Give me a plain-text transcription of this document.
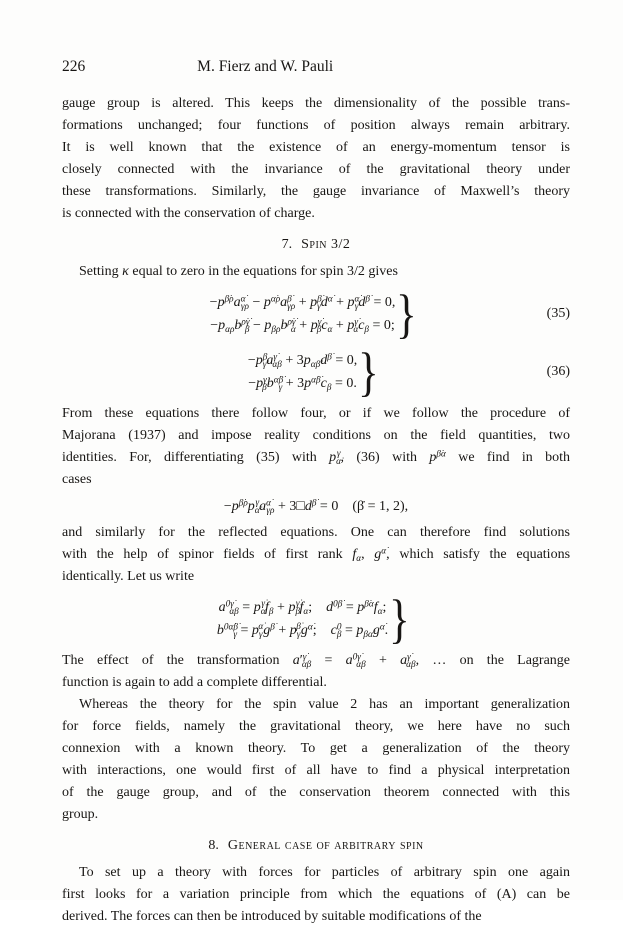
226	M. Fierz and W. Pauli
gauge group is altered. This keeps the dimensionality of the possible trans-
formations unchanged; four functions of position always remain arbitrary.
It is well known that the existence of an energy-momentum tensor is
closely connected with the invariance of the gravitational theory under
these transformations. Similarly, the gauge invariance of Maxwell’s theory
is connected with the conservation of charge.
7. Spin 3/2
Setting κ equal to zero in the equations for spin 3/2 gives
$-p^{\betȧ\rho}a^{\alphȧ}_{\gamma\rho} - p^{\alphȧ\rho}a^{\betȧ}_{\gamma\rho} + p^{\betȧ}_\gamma d^{\alphȧ} + p^{\alphȧ}_\gamma d^{\betȧ} = 0$,
$-p_{\alpha\rhȯ}b^{\rhȯ\gammȧ}_\beta - p_{\beta\rhȯ}b^{\rhȯ\gammȧ}_\alpha + p^{\gammȧ}_\beta c_\alpha + p^{\gammȧ}_\alpha c_\beta = 0$; }	(35)
$-p^\beta_{\gammȧ}a^{\gammȧ}_{\alpha\beta} + 3p_{\alpha\betȧ}d^{\betȧ} = 0$,
$-p^\gamma_{\betȧ}b^{\alphȧ\betȧ}_\gamma + 3p^{\alphȧ\betȧ}c_\beta = 0$. }	(36)
From these equations there follow four, or if we follow the procedure of
Majorana (1937) and impose reality conditions on the field quantities, two
identities. For, differentiating (35) with $p_{\alphȧ}^\gamma$, (36) with $p^{\betȧ\alpha}$ we find in both
cases
$-p^{\betȧ\rho}p_{\alphȧ}^\gamma a^{\alphȧ}_{\gamma\rho}$ + $3□d^{\betȧ} = 0$ (β̇ = 1, 2),
and similarly for the reflected equations. One can therefore find solutions
with the help of spinor fields of first rank $f_\alpha$, $g^{\alphȧ}$, which satisfy the equations
identically. Let us write
$a^{0\gammȧ}_{\alpha\beta} = p_\alpha^{\gammȧ}f_\beta + p_\beta^{\gammȧ}f_\alpha$; $d^{0\betȧ} = p^{\betȧ\alpha}f_\alpha$;
$b^{0\alphȧ\betȧ}_\gamma = p_\gamma^{\alphȧ}g^{\betȧ} + p_\gamma^{\betȧ}g^{\alphȧ}$; $c^0_\beta = p_{\beta\alphȧ}g^{\alphȧ}$. }
The effect of the transformation $a'^{\gammȧ}_{\alpha\beta} = a^{0\gammȧ}_{\alpha\beta} + a^{\gammȧ}_{\alpha\beta}$, … on the Lagrange
function is again to add a complete differential.
Whereas the theory for the spin value 2 has an important generalization
for force fields, namely the gravitational theory, we here have no such
connexion with a known theory. To get a generalization of the theory
with interactions, one would first of all have to find a physical interpretation
of the gauge group, and of the conservation theorem connected with this
group.
8. General case of arbitrary spin
To set up a theory with forces for particles of arbitrary spin one again
first looks for a variation principle from which the equations of (A) can be
derived. The forces can then be introduced by suitable modifications of the
